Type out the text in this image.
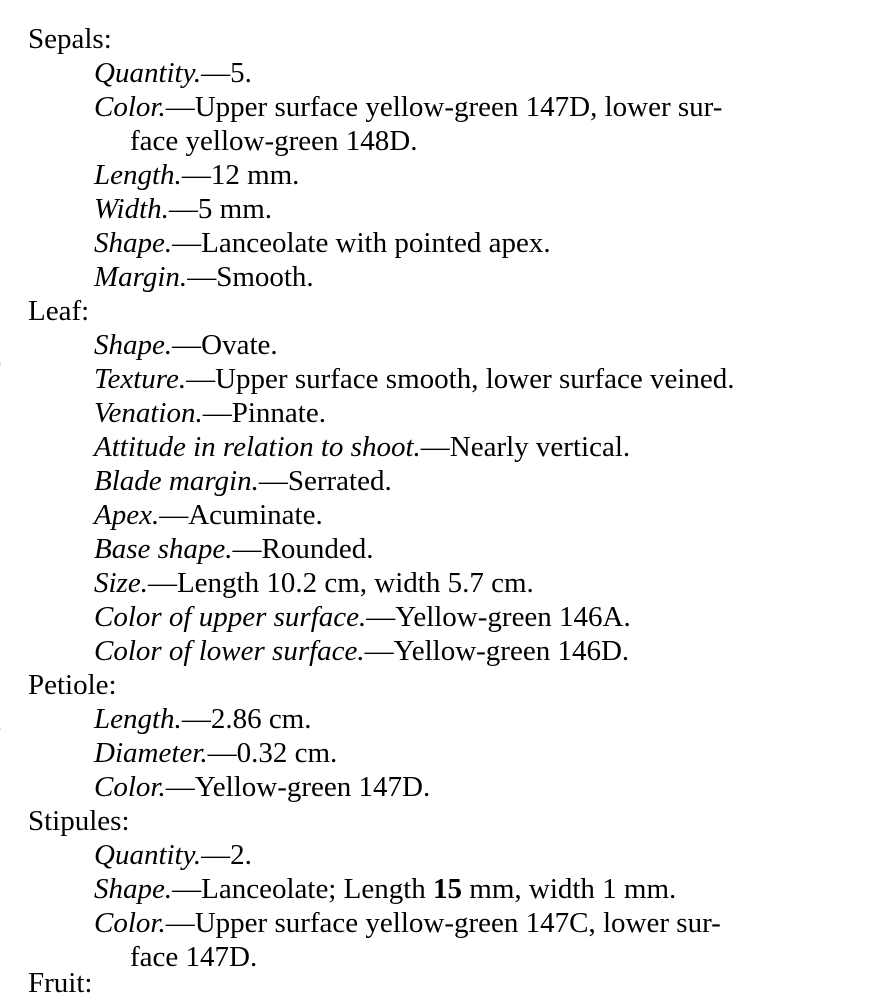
Sepals:
Quantity.—5.
Color.—Upper surface yellow-green 147D, lower sur-
face yellow-green 148D.
Length.—12 mm.
Width.—5 mm.
Shape.—Lanceolate with pointed apex.
Margin.—Smooth.
Leaf:
Shape.—Ovate.
Texture.—Upper surface smooth, lower surface veined.
Venation.—Pinnate.
Attitude in relation to shoot.—Nearly vertical.
Blade margin.—Serrated.
Apex.—Acuminate.
Base shape.—Rounded.
Size.—Length 10.2 cm, width 5.7 cm.
Color of upper surface.—Yellow-green 146A.
Color of lower surface.—Yellow-green 146D.
Petiole:
Length.—2.86 cm.
Diameter.—0.32 cm.
Color.—Yellow-green 147D.
Stipules:
Quantity.—2.
Shape.—Lanceolate; Length 15 mm, width 1 mm.
Color.—Upper surface yellow-green 147C, lower sur-
face 147D.
Fruit:
